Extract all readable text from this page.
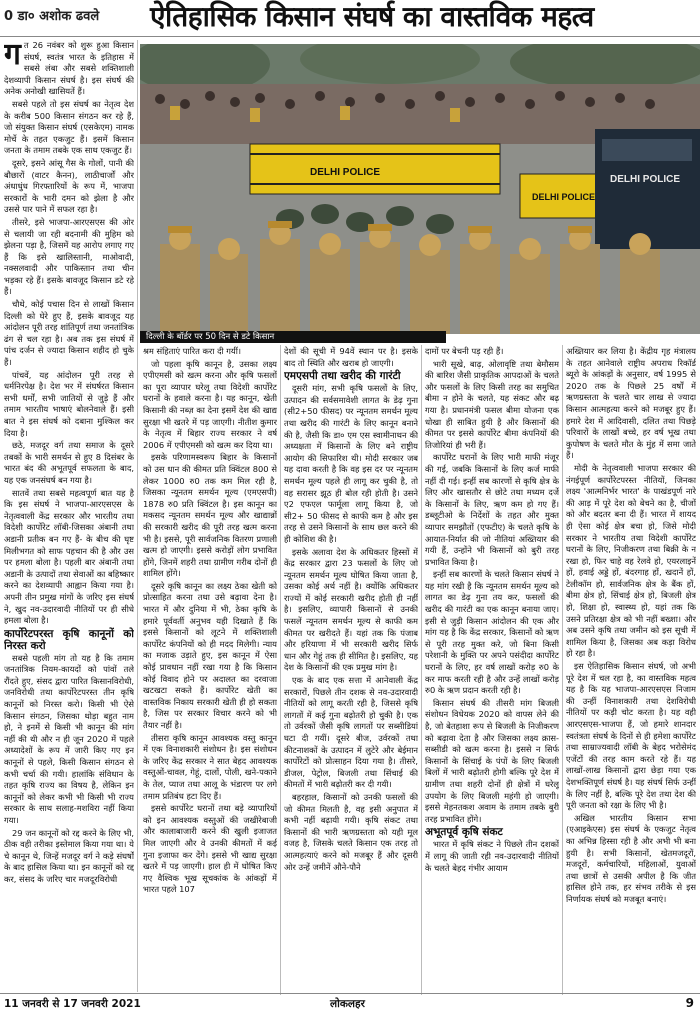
0 डा० अशोक ढवले ऐतिहासिक किसान संघर्ष का वास्तविक महत्व

गत 26 नवंबर को शुरू हुआ किसान संघर्ष, स्वतंत्र भारत के इतिहास में सबसे लंबा और सबसे शक्तिशाली देशव्यापी किसान संघर्ष है। इस संघर्ष की अनेक अनोखी खासियतें हैं।

सबसे पहले तो इस संघर्ष का नेतृत्व देश के करीब 500 किसान संगठन कर रहे हैं, जो संयुक्त किसान संघर्ष (एसकेएम) नामक मोर्चे के तहत एकजुट हैं। इसमें किसान जनता के तमाम तबके एक साथ एकजुट हैं।

दूसरे, इसने आंसू गैस के गोलों, पानी की बौछारों (वाटर कैनन), लाठीचार्जों और अंधाधुंध गिरफ्तारियों के रूप में, भाजपा सरकारों के भारी दमन को झेला है और उससे पार पाने में सफल रहा है।

तीसरे, इसे भाजपा-आरएसएस की ओर से चलायी जा रही बदनामी की मुहिम को झेलना पड़ा है, जिसमें यह आरोप लगाए गए हैं कि इसे खालिस्तानी, माओवादी, नक्सलवादी और पाकिस्तान तथा चीन भड़का रहे हैं। इसके बावजूद किसान डटे रहे हैं।

चौथे, कोई पचास दिन से लाखों किसान दिल्ली को घेरे हुए हैं, इसके बावजूद यह आंदोलन पूरी तरह शांतिपूर्ण तथा जनतांत्रिक ढंग से चल रहा है। अब तक इस संघर्ष में पांच दर्जन से ज्यादा किसान शहीद हो चुके हैं।

पांचवें, यह आंदोलन पूरी तरह से धर्मनिरपेक्ष है। देश भर में संघर्षरत किसान सभी धर्मों, सभी जातियों से जुड़े हैं और तमाम भारतीय भाषाएं बोलनेवाले हैं। इसी बात ने इस संघर्ष को दबाना मुश्किल कर दिया है।

छठे, मजदूर वर्ग तथा समाज के दूसरे तबकों के भारी समर्थन से हुए 8 दिसंबर के भारत बंद की अभूतपूर्व सफलता के बाद, यह एक जनसंघर्ष बन गया है।

सातवें तथा सबसे महत्वपूर्ण बात यह है कि इस संघर्ष ने भाजपा-आरएसएस के नेतृत्ववाली केंद्र सरकार और भारतीय तथा विदेशी कार्पोरेट लॉबी-जिसका अंबानी तथा अडानी प्रतीक बन गए हैं- के बीच की घृष्ट मिलीभगत को साफ पहचान की है और उस पर हमला बोला है। पहली बार अंबानी तथा अडानी के उत्पादों तथा सेवाओं का बहिष्कार करने का देशव्यापी आह्वान किया गया है। अपनी तीन प्रमुख मांगों के जरिए इस संघर्ष ने, खुद नव-उदारवादी नीतियों पर ही सीधे हमला बोला है।

कार्पोरेटपरस्त कृषि कानूनों को निरस्त करो

सबसे पहली मांग तो यह है कि तमाम जनतांत्रिक नियम-कायदों को पांवों तले रौंदते हुए, संसद द्वारा पारित किसानविरोधी, जनविरोधी तथा कार्पोरेटपरस्त तीन कृषि कानूनों को निरस्त करो। किसी भी ऐसे किसान संगठन, जिसका थोड़ा बहुत नाम हो, ने इनमें से किसी भी कानून की मांग नहीं की थी और न ही जून 2020 में पहले अध्यादेशों के रूप में जारी किए गए इन कानूनों से पहले, किसी किसान संगठन से कभी चर्चा की गयी। हालांकि संविधान के तहत कृषि राज्य का विषय है, लेकिन इन कानूनों को लेकर कभी भी किसी भी राज्य सरकार के साथ सलाह-मशविरा नहीं किया गया।

29 जन कानूनों को रद्द करने के लिए भी, ठीक वही तरीका इस्तेमाल किया गया था। ये चे कानून थे, जिन्हें मजदूर वर्ग ने कड़े संघर्षों के बाद हासिल किया था। इन कानूनों को रद्द कर, संसद के जरिए चार मजदूरविरोधी

DELHI POLICE
DELHI POLICE
DELHI POLICE
दिल्ली के बॉर्डर पर 50 दिन से डटे किसान

श्रम संहिताएं पारित करा दी गयीं।

जो पहला कृषि कानून है, उसका लक्ष्य एपीएमसी को खत्म करना और कृषि फसलों का पूरा व्यापार घरेलू तथा विदेशी कार्पोरेट घरानों के हवाले करना है। यह कानून, खेती किसानी की नब्ज़ का देना इसमें देश की खाद्य सुरक्षा भी खतरे में पड़ जाएगी। नीतीश कुमार के नेतृत्व में बिहार राज्य सरकार ने वर्ष 2006 में एपीएमसी को खत्म कर दिया था।

इसके परिणामस्वरूप बिहार के किसानों को उस धान की कीमत प्रति क्विंटल 800 से लेकर 1000 रु0 तक कम मिल रही है, जिसका न्यूनतम समर्थन मूल्य (एमएसपी) 1878 रु0 प्रति क्विंटल है। इस कानून का मकसद न्यूनतम समर्थन मूल्य और खाद्यान्नों की सरकारी खरीद की पूरी तरह खत्म करना भी है। इससे, पूरी सार्वजनिक वितरण प्रणाली खत्म हो जाएगी। इससे करोड़ों लोग प्रभावित होंगे, जिनमें शहरी तथा ग्रामीण गरीब दोनों ही शामिल होंगे।

दूसरे कृषि कानून का लक्ष्य ठेका खेती को प्रोत्साहित करना तथा उसे बढ़ावा देना है। भारत में और दुनिया में भी, ठेका कृषि के हमारे पूर्ववर्ती अनुभव यही दिखाते हैं कि इससे किसानों को लूटने में शक्तिशाली कार्पोरेट कंपनियों को ही मदद मिलेगी। न्याय का मजाक उड़ाते हुए, इस कानून में ऐसा कोई प्रावधान नहीं रखा गया है कि किसान कोई विवाद होने पर अदालत का दरवाजा खटखटा सकते हैं। कार्पोरेट खेती का वास्तविक निकाय सरकारी खेती ही हो सकता है, जिस पर सरकार विचार करने को भी तैयार नहीं है।

तीसरा कृषि कानून आवश्यक वस्तु कानून में एक विनाशकारी संशोधन है। इस संशोधन के जरिए केंद्र सरकार ने सात बेहद आवश्यक वस्तुओं-चावल, गेहूं, दालों, पोली, खने-पकाने के तेल, प्याज तथा आलू के भंडारण पर लगे तमाम प्रतिबंध हटा दिए हैं।

इससे कार्पोरेट घरानों तथा बड़े व्यापारियों को इन आवश्यक वस्तुओं की जखीरेबाजी और कालाबाजारी करने की खुली इजाजत मिल जाएगी और वे उनकी कीमतों में कई गुना इजाफा कर देंगे। इससे भी खाद्य सुरक्षा खतरे में पड़ जाएगी। हाल ही में घोषित किए गए वैश्विक भूख सूचकांक के आंकड़ों में भारत पहले 107

देशों की सूची में 94वें स्थान पर है। इसके बाद तो स्थिति और खराब हो जाएगी।

एमएसपी तथा खरीद की गारंटी

दूसरी मांग, सभी कृषि फसलों के लिए, उत्पादन की सर्वसमावेशी लागत के डेढ़ गुना (सी2+50 फीसद) पर न्यूनतम समर्थन मूल्य तथा खरीद की गारंटी के लिए कानून बनाने की है, जैसी कि डा० एम एस स्वामीनाथन की अध्यक्षता में किसानों के लिए बने राष्ट्रीय आयोग की सिफारिश थी। मोदी सरकार जब यह दावा करती है कि वह इस दर पर न्यूनतम समर्थन मूल्य पहले ही लागू कर चुकी है, तो वह सरासर झूठ ही बोल रही होती है। उसने ए2 एफएल फार्मूला लागू किया है, जो सी2+ 50 फीसद से काफी कम है और इस तरह से उसने किसानों के साथ छल करने की ही कोशिश की है।

इसके अलावा देश के अधिकतर हिस्सों में केंद्र सरकार द्वारा 23 फसलों के लिए जो न्यूनतम समर्थन मूल्य घोषित किया जाता है, उसका कोई अर्थ नहीं है। क्योंकि अधिकतर राज्यों में कोई सरकारी खरीद होती ही नहीं है। इसलिए, व्यापारी किसानों से उनकी फसलें न्यूनतम समर्थन मूल्य से काफी कम कीमत पर खरीदते हैं। यहां तक कि पंजाब और हरियाणा में भी सरकारी खरीद सिर्फ धान और गेहूं तक ही सीमित है। इसलिए, यह देश के किसानों की एक प्रमुख मांग है।

एक के बाद एक सत्ता में आनेवाली केंद्र सरकारों, पिछले तीन दशक से नव-उदारवादी नीतियों को लागू करती रही है, जिससे कृषि लागतों में कई गुना बढ़ोतरी हो चुकी है। एक तो उर्वरकों जैसी कृषि लागतों पर सब्सीडियां घटा दी गयीं। दूसरे बीज, उर्वरकों तथा कीटनाशकों के उत्पादन में लुटेरे और बेईमान कार्पोरेटों को प्रोत्साहन दिया गया है। तीसरे, डीजल, पेट्रोल, बिजली तथा सिंचाई की कीमतों में भारी बढ़ोतरी कर दी गयी।

बहरहाल, किसानों को उनकी फसलों की जो कीमत मिलती है, वह इसी अनुपात में कभी नहीं बढ़ायी गयी। कृषि संकट तथा किसानों की भारी ऋणग्रस्तता को यही मूल वजह है, जिसके चलते किसान एक तरह तो आत्महत्याएं करने को मजबूर हैं और दूसरी ओर उन्हें जमीनें औने-पौने

दामों पर बेचनी पड़ रही हैं।

भारी सूखे, बाढ़, ओलावृष्टि तथा बेमौसम की बारिश जैसी प्राकृतिक आपदाओं के चलते और फसलों के लिए किसी तरह का समुचित बीमा न होने के चलते, यह संकट और बढ़ गया है। प्रधानमंत्री फसल बीमा योजना एक धोखा ही साबित हुयी है और किसानों की कीमत पर इससे कार्पोरेट बीमा कंपनियों की तिजोरियां ही भरी हैं।

कार्पोरेट घरानों के लिए भारी माफी मंजूर की गई, जबकि किसानों के लिए कर्ज माफी नहीं दी गई। इन्हीं सब कारणों से कृषि क्षेत्र के लिए और खासतौर से छोटे तथा मध्यम दर्जे के किसानों के लिए, ऋण कम हो गए हैं। डब्लूटीओ के निर्देशों के तहत और मुक्त व्यापार समझौतों (एफटीए) के चलते कृषि के आयात-निर्यात की जो नीतियां अख्तियार की गयी हैं, उन्होंने भी किसानों को बुरी तरह प्रभावित किया है।

इन्हीं सब कारणों के चलते किसान संघर्ष ने यह मांग रखी है कि न्यूनतम समर्थन मूल्य को लागत का डेढ़ गुना तय कर, फसलों की खरीद की गारंटी का एक कानून बनाया जाए। इसी से जुड़ी किसान आंदोलन की एक और मांग यह है कि केंद्र सरकार, किसानों को ऋण से पूरी तरह मुक्त करे, जो बिना किसी परेशानी के मुक्ति पर अपने पसंदीदा कार्पोरेट घरानों के लिए, हर वर्ष लाखों करोड़ रु0 के कर माफ करती रही है और उन्हें लाखों करोड़ रु0 के ऋण प्रदान करती रही है।

किसान संघर्ष की तीसरी मांग बिजली संशोधन विधेयक 2020 को वापस लेने की है, जो बेतहाशा रूप से बिजली के निजीकरण को बढ़ावा देता है और जिसका लक्ष्य क्रास-सब्सीडी को खत्म करना है। इससे न सिर्फ किसानों के सिंचाई के पंपों के लिए बिजली बिलों में भारी बढ़ोतरी होगी बल्कि पूरे देश में ग्रामीण तथा शहरी दोनों ही क्षेत्रों में घरेलू उपयोग के लिए बिजली महंगी हो जाएगी। इससे मेहनतकश अवाम के तमाम तबके बुरी तरह प्रभावित होंगे।

अभूतपूर्व कृषि संकट

भारत में कृषि संकट ने पिछले तीन दशकों में लागू की जाती रही नव-उदारवादी नीतियों के चलते बेहद गंभीर आयाम

अख्तियार कर लिया है। केंद्रीय गृह मंत्रालय के तहत आनेवाले राष्ट्रीय अपराध रिकॉर्ड ब्यूरो के आंकड़ों के अनुसार, वर्ष 1995 से 2020 तक के पिछले 25 वर्षों में ऋणग्रस्तता के चलते चार लाख से ज्यादा किसान आत्महत्या करने को मजबूर हुए हैं। हमारे देश में आदिवासी, दलित तथा पिछड़े परिवारों के लाखों बच्चे, हर वर्ष भूख तथा कुपोषण के चलते मौत के मुंह में समा जाते हैं।

मोदी के नेतृत्ववाली भाजपा सरकार की नंगईपूर्ण कार्पोरेटपरस्त नीतियों, जिनका लक्ष्य 'आत्मनिर्भर भारत' के पाखंडपूर्ण नारे की आड़ में पूरे देश को बेचने का है, चीजों को और बदतर बना दी हैं। भारत में शायद ही ऐसा कोई क्षेत्र बचा हो, जिसे मोदी सरकार ने भारतीय तथा विदेशी कार्पोरेट घरानों के लिए, निजीकरण तथा बिक्री के न रखा हो, फिर चाहे वह रेलवे हो, एयरलाइनें हों, हवाई अड्डे हों, बंदरगाह हों, खदानें हों, टेलीकॉम हो, सार्वजनिक क्षेत्र के बैंक हों, बीमा क्षेत्र हो, सिंचाई क्षेत्र हो, बिजली क्षेत्र हो, शिक्षा हो, स्वास्थ्य हो, यहां तक कि उसने प्रतिरक्षा क्षेत्र को भी नहीं बख्शा। और अब उसने कृषि तथा जमीन को इस सूची में शामिल किया है, जिसका अब कड़ा विरोध हो रहा है।

इस ऐतिहासिक किसान संघर्ष, जो अभी पूरे देश में चल रहा है, का वास्तविक महत्व यह है कि यह भाजपा-आरएसएस निजाम की उन्हीं विनाशकारी तथा देशविरोधी नीतियों पर कड़ी चोट करता है। यह वही आरएसएस-भाजपा हैं, जो हमारे शानदार स्वतंत्रता संघर्ष के दिनों से ही हमेशा कार्पोरेट तथा साम्राज्यवादी लॉबी के बेहद भरोसेमंद एजेंटों की तरह काम करते रहे हैं। यह लाखों-लाख किसानों द्वारा छेड़ा गया एक देशभक्तिपूर्ण संघर्ष है। यह संघर्ष सिर्फ उन्हीं के लिए नहीं है, बल्कि पूरे देश तथा देश की पूरी जनता को रक्षा के लिए भी है।

अखिल भारतीय किसान सभा (एआइकेएस) इस संघर्ष के एकजुट नेतृत्व का अभिन्न हिस्सा रही है और अभी भी बना हुयी है। सभी किसानों, खेतमजदूरों, मजदूरों, कर्मचारियों, महिलाओं, युवाओं तथा छात्रों से उसकी अपील है कि जीत हासिल होने तक, हर संभव तरीके से इस निर्णायक संघर्ष को मजबूत बनाएं।

11 जनवरी से 17 जनवरी 2021	लोकलहर	9
